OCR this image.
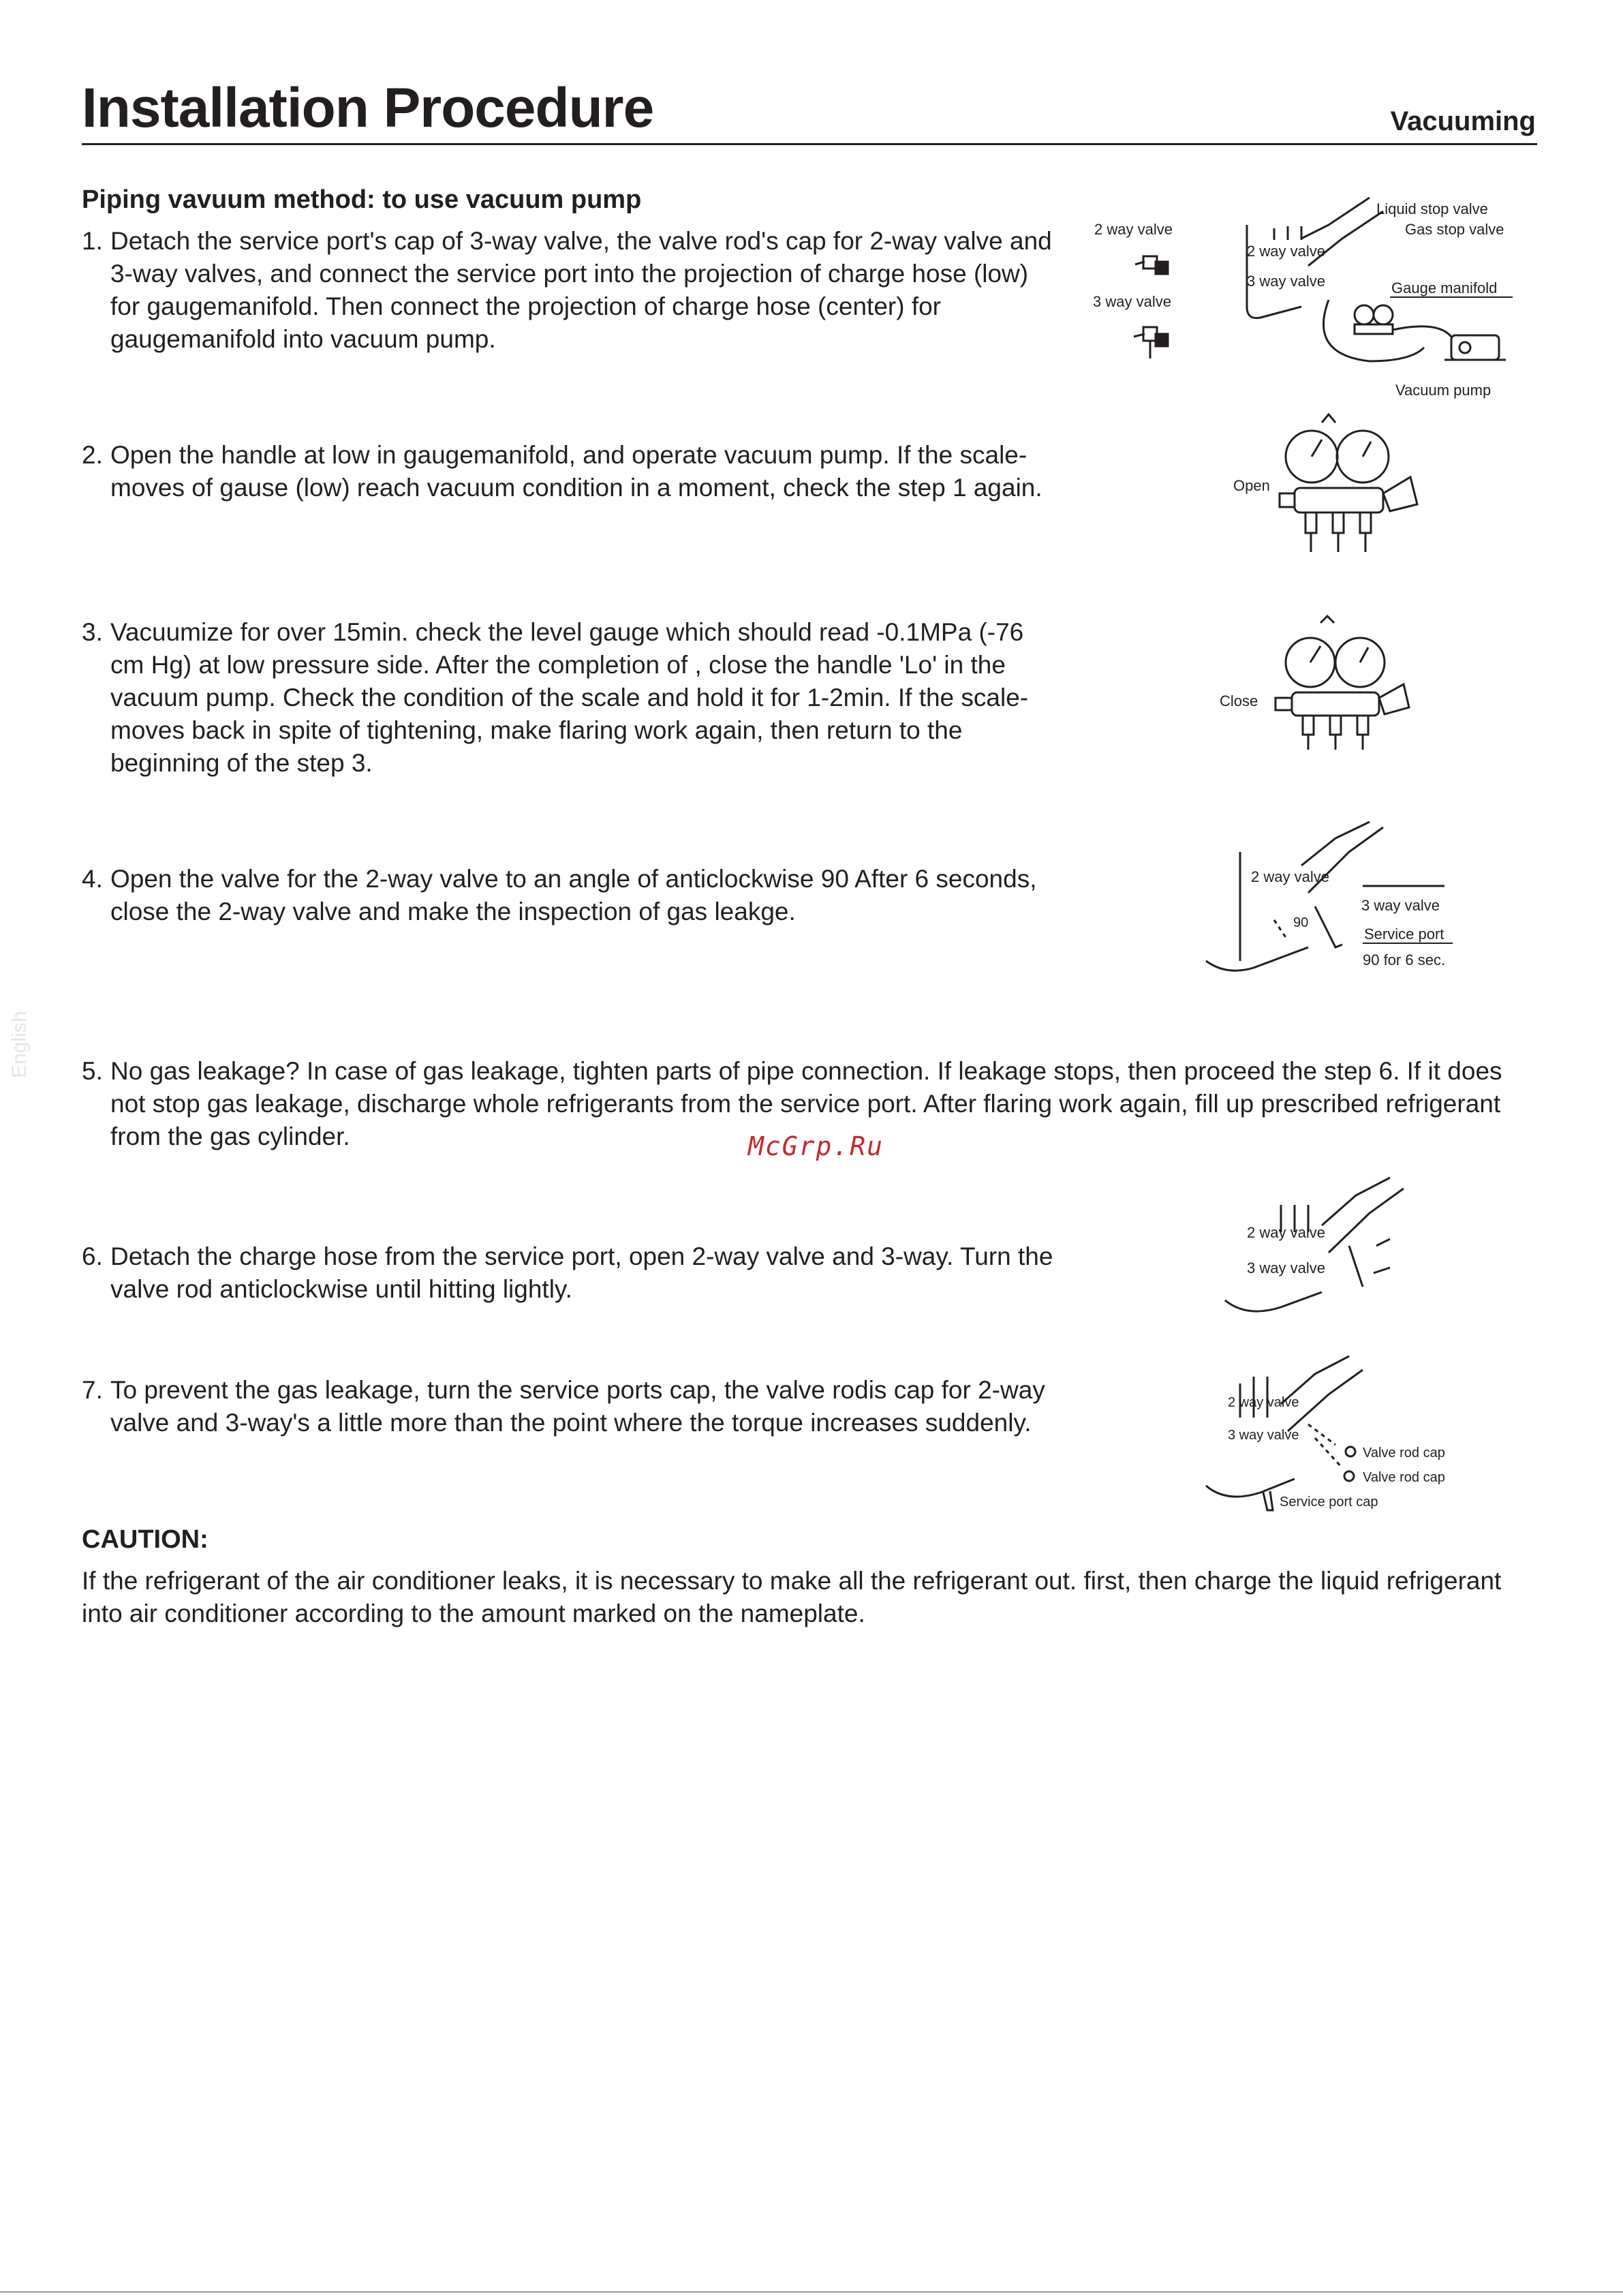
Installation Procedure	Vacuuming
Piping vavuum method: to use vacuum pump
1. Detach the service port's cap of 3-way valve, the valve rod's cap for 2-way valve and 3-way valves, and connect the service port into the projection of charge hose (low) for gaugemanifold. Then connect the projection of charge hose (center) for gaugemanifold into vacuum pump.
2. Open the handle at low in gaugemanifold, and operate vacuum pump. If the scale-moves of gause (low) reach vacuum condition in a moment, check the step 1 again.
3. Vacuumize for over 15min. check the level gauge which should read -0.1MPa (-76 cm Hg) at low pressure side. After the completion of , close the handle 'Lo' in the vacuum pump. Check the condition of the scale and hold it for 1-2min. If the scale-moves back in spite of tightening, make flaring work again, then return to the beginning of the step 3.
4. Open the valve for the 2-way valve to an angle of anticlockwise 90 After 6 seconds, close the 2-way valve and make the inspection of gas leakge.
5. No gas leakage? In case of gas leakage, tighten parts of pipe connection. If leakage stops, then proceed the step 6. If it does not stop gas leakage, discharge whole refrigerants from the service port. After flaring work again, fill up prescribed refrigerant from the gas cylinder.
6. Detach the charge hose from the service port, open 2-way valve and 3-way. Turn the valve rod anticlockwise until hitting lightly.
7. To prevent the gas leakage, turn the service ports cap, the valve rodis cap for 2-way valve and 3-way's a little more than the point where the torque increases suddenly.
CAUTION:
If the refrigerant of the air conditioner leaks, it is necessary to make all the refrigerant out. first, then charge the liquid refrigerant into air conditioner according to the amount marked on the nameplate.
McGrp.Ru
English
2 way valve
3 way valve
2 way valve
3 way valve
Liquid stop valve
Gas stop valve
Gauge manifold
Vacuum pump
Open
Close
2 way valve
90
3 way valve
Service port
90 for 6 sec.
2 way valve
3 way valve
2 way valve
3 way valve
Valve rod cap
Valve rod cap
Service port cap
